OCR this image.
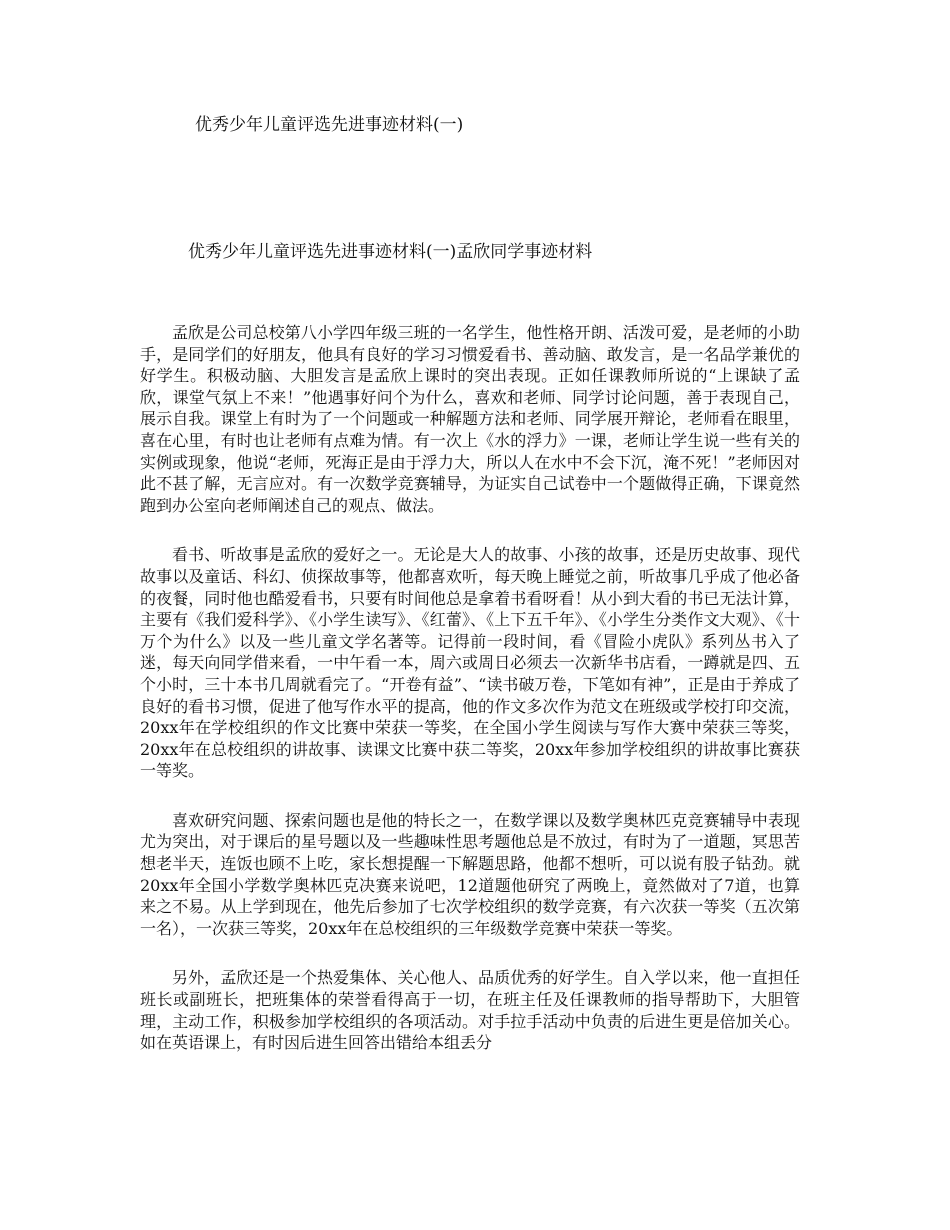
优秀少年儿童评选先进事迹材料(一)
优秀少年儿童评选先进事迹材料(一)孟欣同学事迹材料

孟欣是公司总校第八小学四年级三班的一名学生，他性格开朗、活泼可爱，是老师的小助手，是同学们的好朋友，他具有良好的学习习惯爱看书、善动脑、敢发言，是一名品学兼优的好学生。积极动脑、大胆发言是孟欣上课时的突出表现。正如任课教师所说的“上课缺了孟欣，课堂气氛上不来！”他遇事好问个为什么，喜欢和老师、同学讨论问题，善于表现自己，展示自我。课堂上有时为了一个问题或一种解题方法和老师、同学展开辩论，老师看在眼里，喜在心里，有时也让老师有点难为情。有一次上《水的浮力》一课，老师让学生说一些有关的实例或现象，他说“老师，死海正是由于浮力大，所以人在水中不会下沉，淹不死！”老师因对此不甚了解，无言应对。有一次数学竞赛辅导，为证实自己试卷中一个题做得正确，下课竟然跑到办公室向老师阐述自己的观点、做法。

看书、听故事是孟欣的爱好之一。无论是大人的故事、小孩的故事，还是历史故事、现代故事以及童话、科幻、侦探故事等，他都喜欢听，每天晚上睡觉之前，听故事几乎成了他必备的夜餐，同时他也酷爱看书，只要有时间他总是拿着书看呀看！从小到大看的书已无法计算，主要有《我们爱科学》、《小学生读写》、《红蕾》、《上下五千年》、《小学生分类作文大观》、《十万个为什么》以及一些儿童文学名著等。记得前一段时间，看《冒险小虎队》系列丛书入了迷，每天向同学借来看，一中午看一本，周六或周日必须去一次新华书店看，一蹲就是四、五个小时，三十本书几周就看完了。“开卷有益”、“读书破万卷，下笔如有神”，正是由于养成了良好的看书习惯，促进了他写作水平的提高，他的作文多次作为范文在班级或学校打印交流，20xx年在学校组织的作文比赛中荣获一等奖，在全国小学生阅读与写作大赛中荣获三等奖，20xx年在总校组织的讲故事、读课文比赛中获二等奖，20xx年参加学校组织的讲故事比赛获一等奖。

喜欢研究问题、探索问题也是他的特长之一，在数学课以及数学奥林匹克竞赛辅导中表现尤为突出，对于课后的星号题以及一些趣味性思考题他总是不放过，有时为了一道题，冥思苦想老半天，连饭也顾不上吃，家长想提醒一下解题思路，他都不想听，可以说有股子钻劲。就20xx年全国小学数学奥林匹克决赛来说吧，12道题他研究了两晚上，竟然做对了7道，也算来之不易。从上学到现在，他先后参加了七次学校组织的数学竞赛，有六次获一等奖（五次第一名），一次获三等奖，20xx年在总校组织的三年级数学竞赛中荣获一等奖。

另外，孟欣还是一个热爱集体、关心他人、品质优秀的好学生。自入学以来，他一直担任班长或副班长，把班集体的荣誉看得高于一切，在班主任及任课教师的指导帮助下，大胆管理，主动工作，积极参加学校组织的各项活动。对手拉手活动中负责的后进生更是倍加关心。如在英语课上，有时因后进生回答出错给本组丢分
